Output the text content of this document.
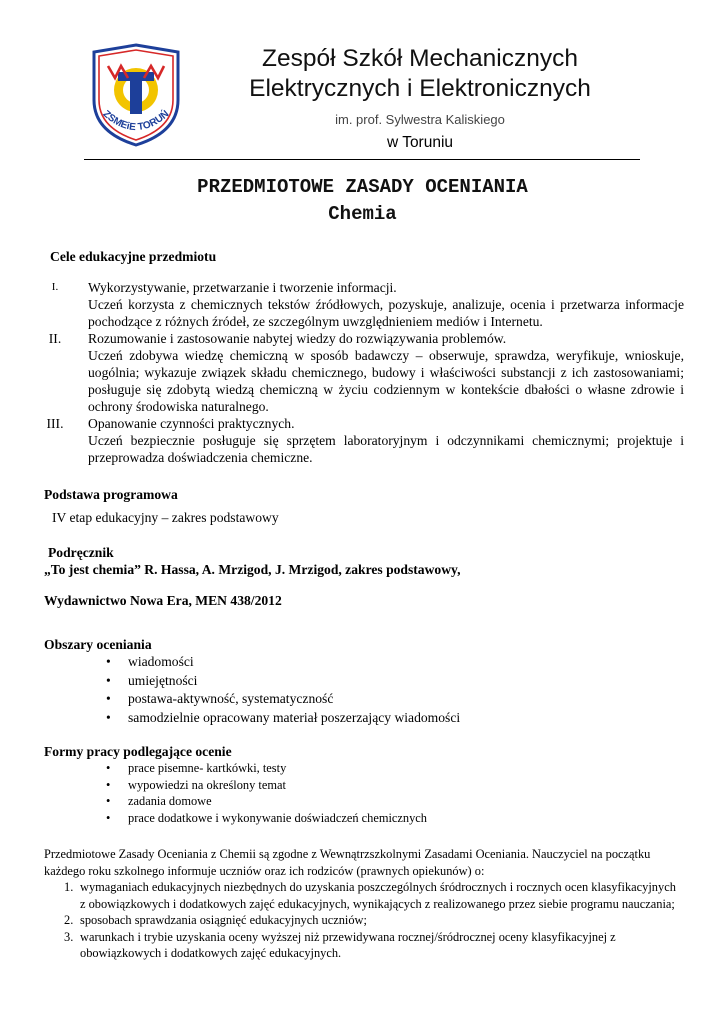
ZSMEiE TORUŃ
Zespół Szkół Mechanicznych
Elektrycznych i Elektronicznych
im. prof. Sylwestra Kaliskiego
w Toruniu
PRZEDMIOTOWE ZASADY OCENIANIA
Chemia
Cele edukacyjne przedmiotu
I.	Wykorzystywanie, przetwarzanie i tworzenie informacji.
Uczeń korzysta z chemicznych tekstów źródłowych, pozyskuje, analizuje, ocenia i przetwarza informacje pochodzące z różnych źródeł, ze szczególnym uwzględnieniem mediów i Internetu.
II.	Rozumowanie i zastosowanie nabytej wiedzy do rozwiązywania problemów.
Uczeń zdobywa wiedzę chemiczną w sposób badawczy – obserwuje, sprawdza, weryfikuje, wnioskuje, uogólnia; wykazuje związek składu chemicznego, budowy i właściwości substancji z ich zastosowaniami; posługuje się zdobytą wiedzą chemiczną w życiu codziennym w kontekście dbałości o własne zdrowie i ochrony środowiska naturalnego.
III. Opanowanie czynności praktycznych.
Uczeń bezpiecznie posługuje się sprzętem laboratoryjnym i odczynnikami chemicznymi; projektuje i przeprowadza doświadczenia chemiczne.
Podstawa programowa
IV etap edukacyjny – zakres podstawowy
Podręcznik
„To jest chemia” R. Hassa, A. Mrzigod, J. Mrzigod, zakres podstawowy,
Wydawnictwo Nowa Era, MEN 438/2012
Obszary oceniania
• wiadomości
• umiejętności
• postawa-aktywność, systematyczność
• samodzielnie opracowany materiał poszerzający wiadomości
Formy pracy podlegające ocenie
• prace pisemne- kartkówki, testy
• wypowiedzi na określony temat
• zadania domowe
• prace dodatkowe i wykonywanie doświadczeń chemicznych
Przedmiotowe Zasady Oceniania z Chemii są zgodne z Wewnątrzszkolnymi Zasadami Oceniania. Nauczyciel na początku każdego roku szkolnego informuje uczniów oraz ich rodziców (prawnych opiekunów) o:
1. wymaganiach edukacyjnych niezbędnych do uzyskania poszczególnych śródrocznych i rocznych ocen klasyfikacyjnych z obowiązkowych i dodatkowych zajęć edukacyjnych, wynikających z realizowanego przez siebie programu nauczania;
2. sposobach sprawdzania osiągnięć edukacyjnych uczniów;
3. warunkach i trybie uzyskania oceny wyższej niż przewidywana rocznej/śródrocznej oceny klasyfikacyjnej z obowiązkowych i dodatkowych zajęć edukacyjnych.
